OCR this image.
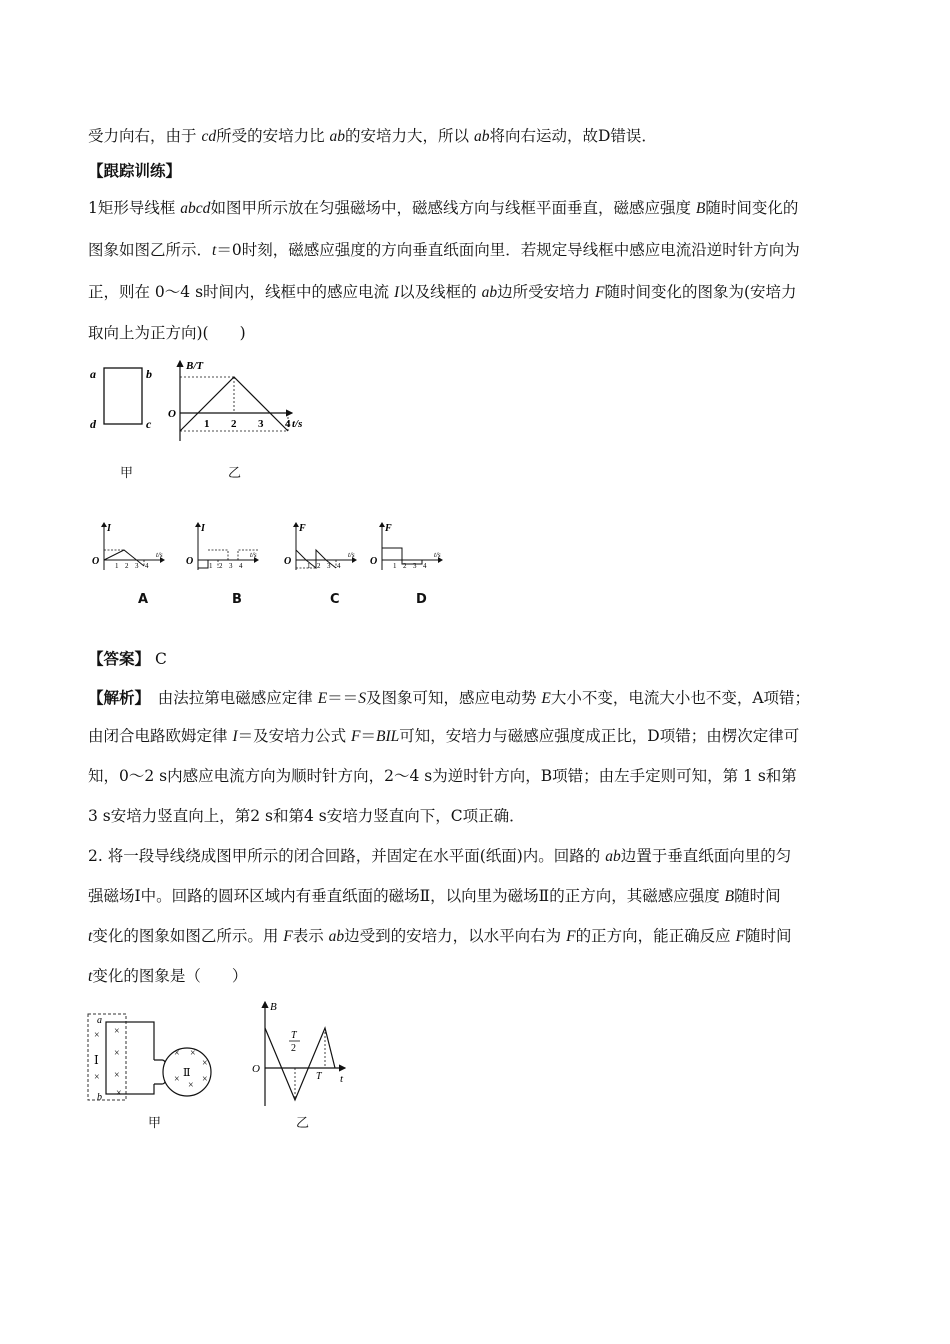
受力向右，由于 cd所受的安培力比 ab的安培力大，所以 ab将向右运动，故D错误．
【跟踪训练】
1矩形导线框 abcd如图甲所示放在匀强磁场中，磁感线方向与线框平面垂直，磁感应强度 B随时间变化的
图象如图乙所示．t＝0时刻，磁感应强度的方向垂直纸面向里．若规定导线框中感应电流沿逆时针方向为
正，则在 0～4 s时间内，线框中的感应电流 I以及线框的 ab边所受安培力 F随时间变化的图象为(安培力
取向上为正方向)(　　)
a	b
c
d
甲
B/T
t/s
O
1 2 3 4
乙
I
t/s
O 1 2 3 4
A
I
t/s
O 1 2 3 4
B
F
t/s
O 1 2 3 4
C
F
t/s
O 1 2 3 4
D
【答案】 C
【解析】　由法拉第电磁感应定律 E＝＝S及图象可知，感应电动势 E大小不变，电流大小也不变，A项错；
由闭合电路欧姆定律 I＝及安培力公式 F＝BIL可知，安培力与磁感应强度成正比，D项错；由楞次定律可
知，0～2 s内感应电流方向为顺时针方向，2～4 s为逆时针方向，B项错；由左手定则可知，第 1 s和第
3 s安培力竖直向上，第2 s和第4 s安培力竖直向下，C项正确．
2. 将一段导线绕成图甲所示的闭合回路，并固定在水平面(纸面)内。回路的 ab边置于垂直纸面向里的匀
强磁场Ⅰ中。回路的圆环区域内有垂直纸面的磁场Ⅱ，以向里为磁场Ⅱ的正方向，其磁感应强度 B随时间
t变化的图象如图乙所示。用 F表示 ab边受到的安培力，以水平向右为 F的正方向，能正确反应 F随时间
t变化的图象是（　　）
a
b
Ⅰ
Ⅱ
×
×
×
×
×
×
× ×
×
×
×
×
甲
B
t
O
T
2
T
乙
